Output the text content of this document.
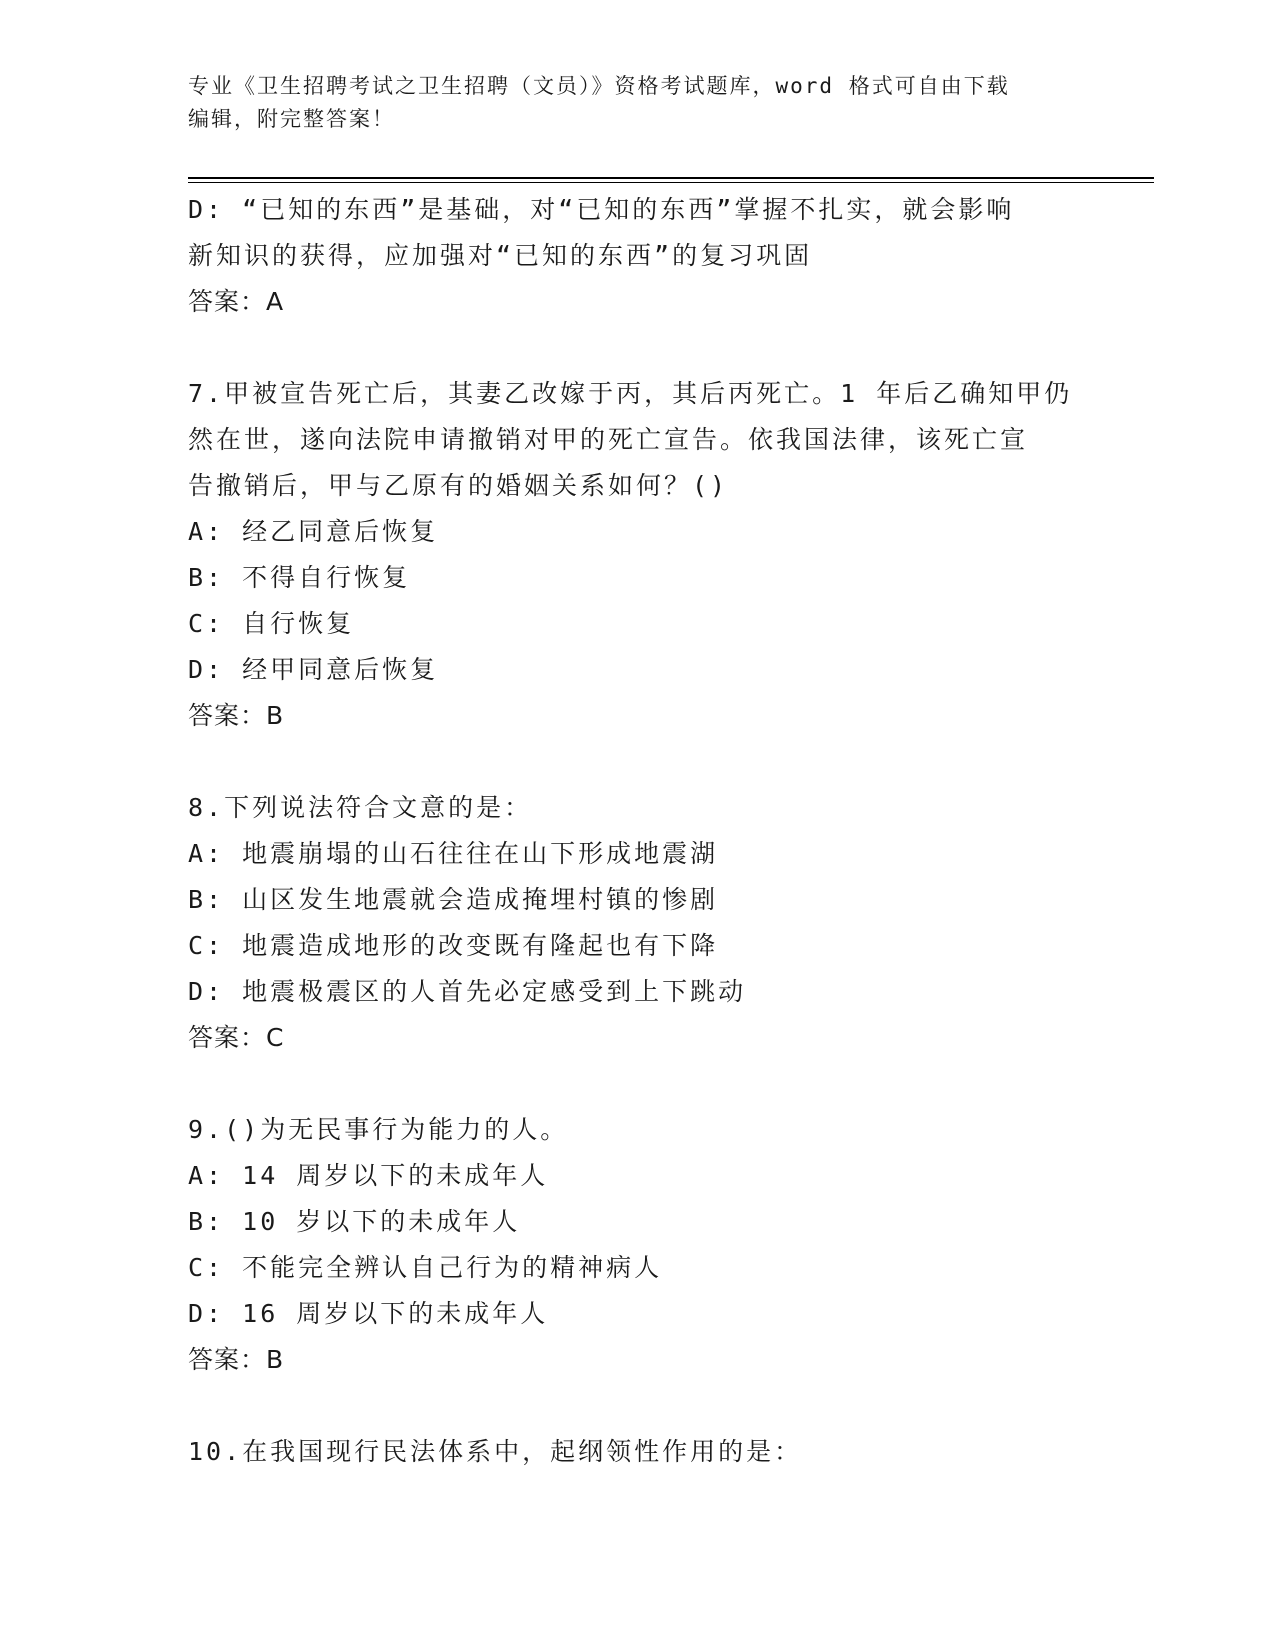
专业《卫生招聘考试之卫生招聘（文员）》资格考试题库，word 格式可自由下载
编辑，附完整答案！
D: “已知的东西”是基础，对“已知的东西”掌握不扎实，就会影响
新知识的获得，应加强对“已知的东西”的复习巩固
答案：A
7.甲被宣告死亡后，其妻乙改嫁于丙，其后丙死亡。1 年后乙确知甲仍
然在世，遂向法院申请撤销对甲的死亡宣告。依我国法律，该死亡宣
告撤销后，甲与乙原有的婚姻关系如何？()
A: 经乙同意后恢复
B: 不得自行恢复
C: 自行恢复
D: 经甲同意后恢复
答案：B
8.下列说法符合文意的是：
A: 地震崩塌的山石往往在山下形成地震湖
B: 山区发生地震就会造成掩埋村镇的惨剧
C: 地震造成地形的改变既有隆起也有下降
D: 地震极震区的人首先必定感受到上下跳动
答案：C
9.()为无民事行为能力的人。
A: 14 周岁以下的未成年人
B: 10 岁以下的未成年人
C: 不能完全辨认自己行为的精神病人
D: 16 周岁以下的未成年人
答案：B
10.在我国现行民法体系中，起纲领性作用的是：
